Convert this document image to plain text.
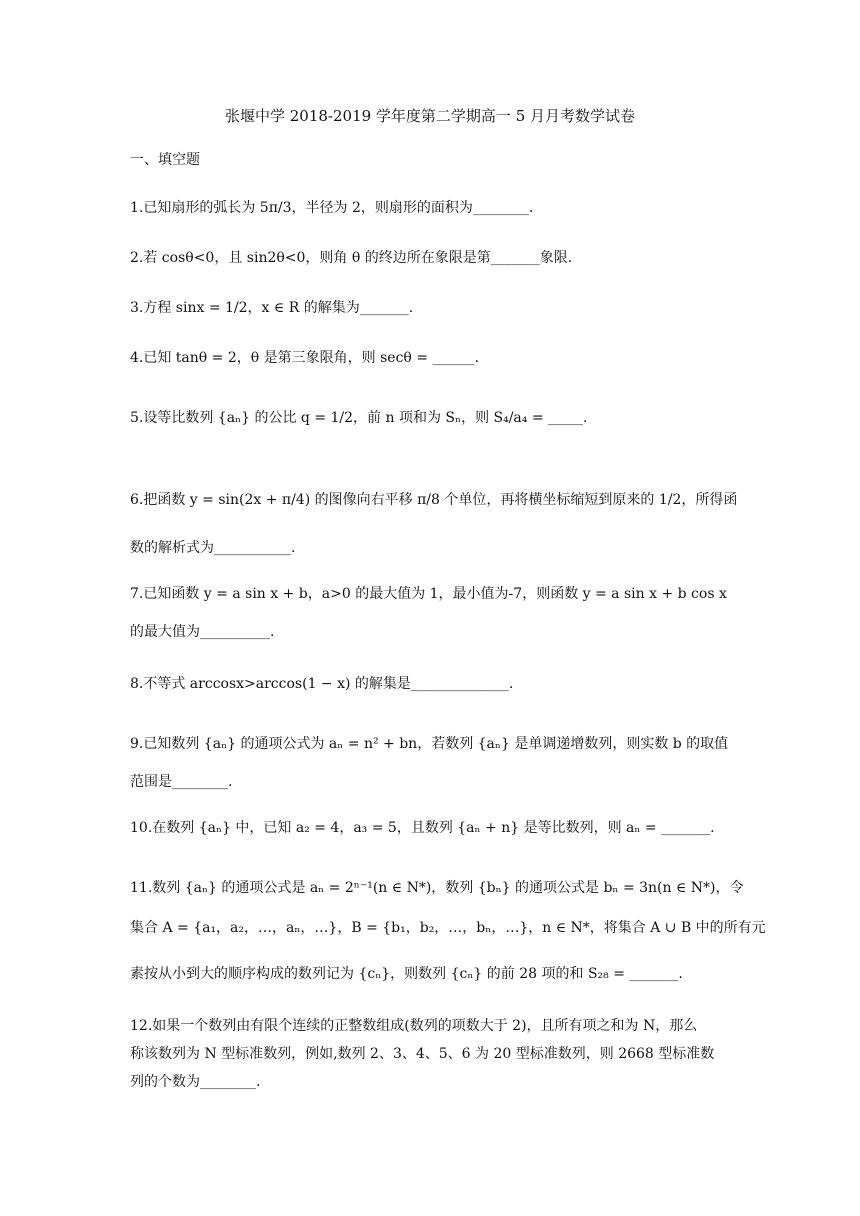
张堰中学 2018-2019 学年度第二学期高一 5 月月考数学试卷
一、填空题
1.已知扇形的弧长为 5π/3，半径为 2，则扇形的面积为________.
2.若 cosθ<0，且 sin2θ<0，则角 θ 的终边所在象限是第_______象限.
3.方程 sinx = 1/2，x ∈ R 的解集为_______.
4.已知 tanθ = 2，θ 是第三象限角，则 secθ = ______.
5.设等比数列 {aₙ} 的公比 q = 1/2，前 n 项和为 Sₙ，则 S₄/a₄ = _____.
6.把函数 y = sin(2x + π/4) 的图像向右平移 π/8 个单位，再将横坐标缩短到原来的 1/2，所得函
数的解析式为___________.
7.已知函数 y = a sin x + b，a>0 的最大值为 1，最小值为-7，则函数 y = a sin x + b cos x
的最大值为__________.
8.不等式 arccosx>arccos(1 − x) 的解集是______________.
9.已知数列 {aₙ} 的通项公式为 aₙ = n² + bn，若数列 {aₙ} 是单调递增数列，则实数 b 的取值
范围是________.
10.在数列 {aₙ} 中，已知 a₂ = 4，a₃ = 5，且数列 {aₙ + n} 是等比数列，则 aₙ = _______.
11.数列 {aₙ} 的通项公式是 aₙ = 2ⁿ⁻¹(n ∈ N*)，数列 {bₙ} 的通项公式是 bₙ = 3n(n ∈ N*)，令
集合 A = {a₁，a₂，…，aₙ，…}，B = {b₁，b₂，…，bₙ，…}，n ∈ N*，将集合 A ∪ B 中的所有元
素按从小到大的顺序构成的数列记为 {cₙ}，则数列 {cₙ} 的前 28 项的和 S₂₈ = _______.
12.如果一个数列由有限个连续的正整数组成(数列的项数大于 2)，且所有项之和为 N，那么
称该数列为 N 型标准数列，例如,数列 2、3、4、5、6 为 20 型标准数列，则 2668 型标准数
列的个数为________.
